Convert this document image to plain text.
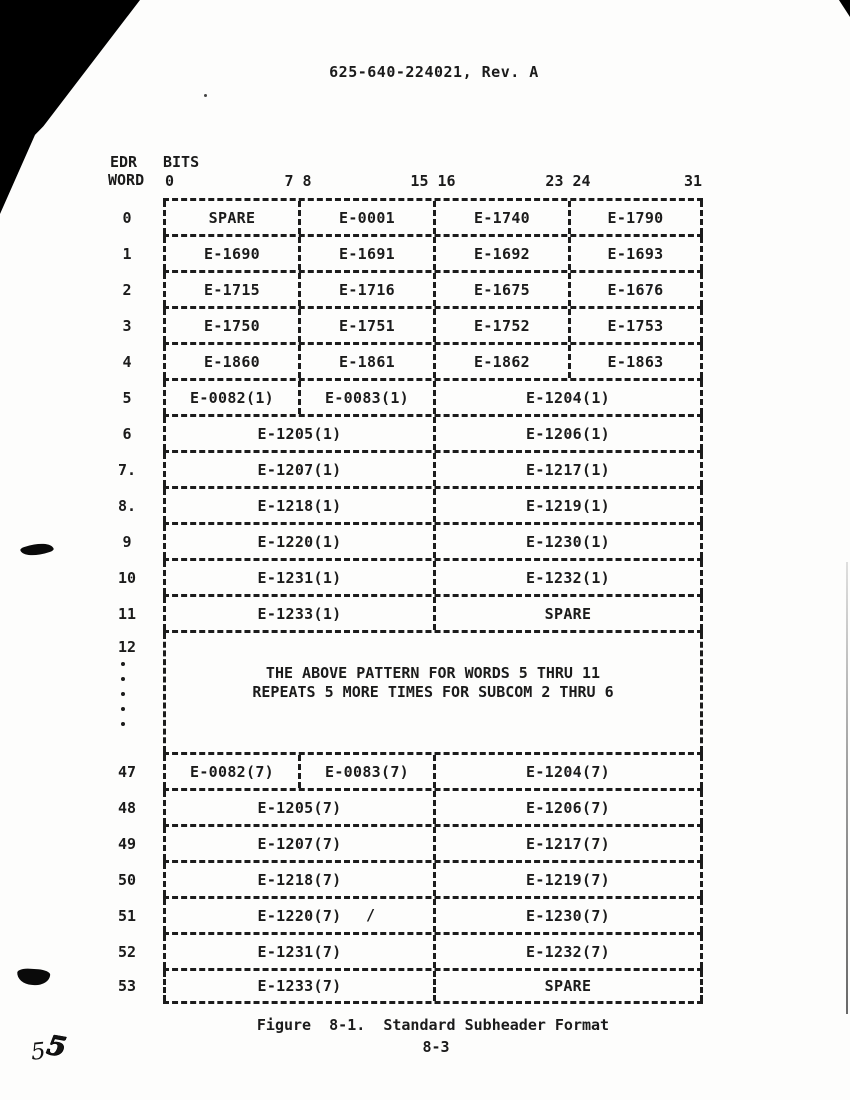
625-640-224021, Rev. A
EDR
WORD
BITS
0	7 8	15 16	23 24	31
0	SPARE	E-0001	E-1740	E-1790
1	E-1690	E-1691	E-1692	E-1693
2	E-1715	E-1716	E-1675	E-1676
3	E-1750	E-1751	E-1752	E-1753
4	E-1860	E-1861	E-1862	E-1863
5	E-0082(1)	E-0083(1)	E-1204(1)
6	E-1205(1)	E-1206(1)
7.	E-1207(1)	E-1217(1)
8.	E-1218(1)	E-1219(1)
9	E-1220(1)	E-1230(1)
10	E-1231(1)	E-1232(1)
11	E-1233(1)	SPARE
12
THE ABOVE PATTERN FOR WORDS 5 THRU 11
REPEATS 5 MORE TIMES FOR SUBCOM 2 THRU 6
47	E-0082(7)	E-0083(7)	E-1204(7)
48	E-1205(7)	E-1206(7)
49	E-1207(7)	E-1217(7)
50	E-1218(7)	E-1219(7)
51	E-1220(7)	E-1230(7)
52	E-1231(7)	E-1232(7)
53	E-1233(7)	SPARE
/
Figure  8-1.  Standard Subheader Format
8-3
5
5
